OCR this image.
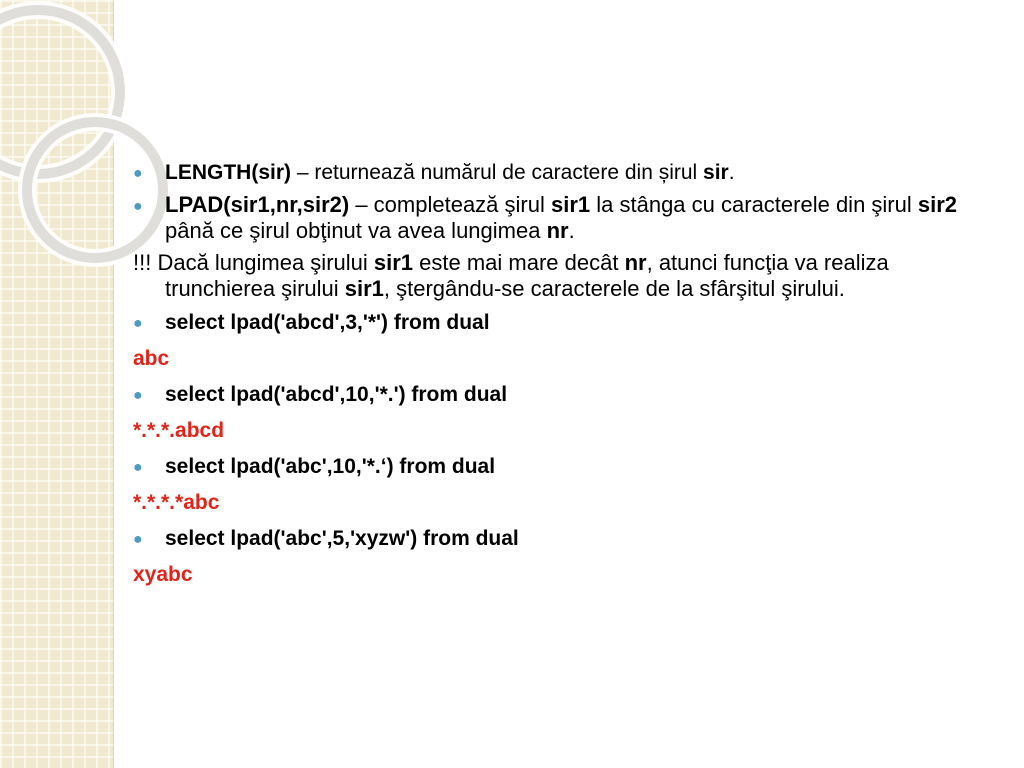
● LENGTH(sir) – returnează numărul de caractere din șirul sir.
● LPAD(sir1,nr,sir2) – completează şirul sir1 la stânga cu caracterele din şirul sir2 până ce şirul obţinut va avea lungimea nr.
!!! Dacă lungimea şirului sir1 este mai mare decât nr, atunci funcţia va realiza trunchierea şirului sir1, ştergându-se caracterele de la sfârşitul şirului.
● select lpad('abcd',3,'*') from dual
abc
● select lpad('abcd',10,'*.') from dual
*.*.*.abcd
● select lpad('abc',10,'*.‘) from dual
*.*.*.*abc
● select lpad('abc',5,'xyzw') from dual
xyabc
